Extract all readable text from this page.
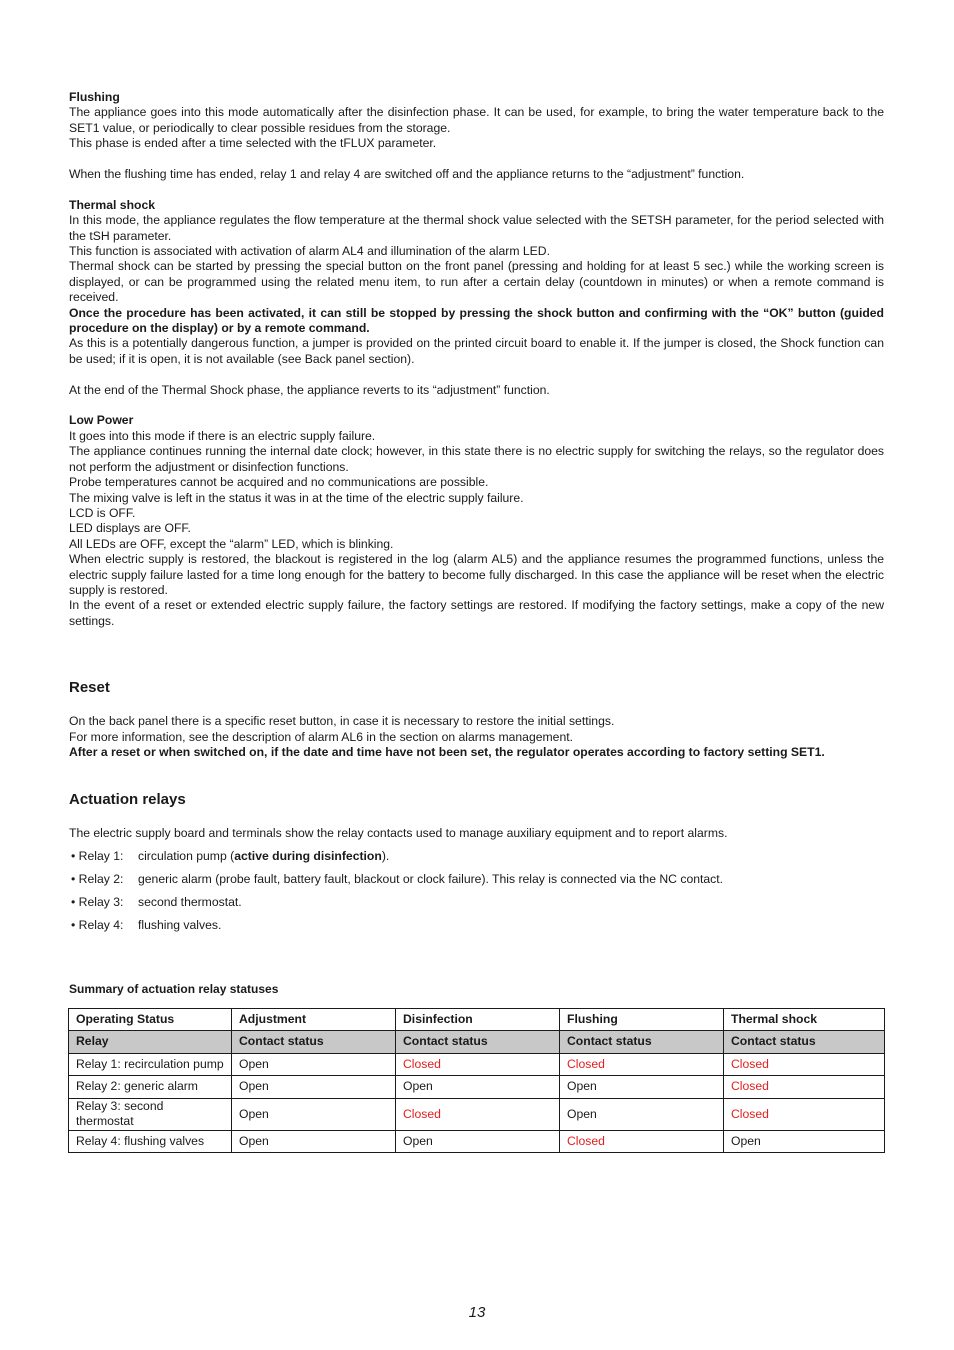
Flushing

The appliance goes into this mode automatically after the disinfection phase. It can be used, for example, to bring the water temperature back to the SET1 value, or periodically to clear possible residues from the storage.

This phase is ended after a time selected with the tFLUX parameter.

When the flushing time has ended, relay 1 and relay 4 are switched off and the appliance returns to the “adjustment” function.

Thermal shock

In this mode, the appliance regulates the flow temperature at the thermal shock value selected with the SETSH parameter, for the period selected with the tSH parameter.

This function is associated with activation of alarm AL4 and illumination of the alarm LED.

Thermal shock can be started by pressing the special button on the front panel (pressing and holding for at least 5 sec.) while the working screen is displayed, or can be programmed using the related menu item, to run after a certain delay (countdown in minutes) or when a remote command is received.

Once the procedure has been activated, it can still be stopped by pressing the shock button and confirming with the “OK” button (guided procedure on the display) or by a remote command.

As this is a potentially dangerous function, a jumper is provided on the printed circuit board to enable it. If the jumper is closed, the Shock function can be used; if it is open, it is not available (see Back panel section).

At the end of the Thermal Shock phase, the appliance reverts to its “adjustment” function.

Low Power

It goes into this mode if there is an electric supply failure.

The appliance continues running the internal date clock; however, in this state there is no electric supply for switching the relays, so the regulator does not perform the adjustment or disinfection functions.

Probe temperatures cannot be acquired and no communications are possible.

The mixing valve is left in the status it was in at the time of the electric supply failure.

LCD is OFF.

LED displays are OFF.

All LEDs are OFF, except the “alarm” LED, which is blinking.

When electric supply is restored, the blackout is registered in the log (alarm AL5) and the appliance resumes the programmed functions, unless the electric supply failure lasted for a time long enough for the battery to become fully discharged. In this case the appliance will be reset when the electric supply is restored.

In the event of a reset or extended electric supply failure, the factory settings are restored. If modifying the factory settings, make a copy of the new settings.

Reset

On the back panel there is a specific reset button, in case it is necessary to restore the initial settings.

For more information, see the description of alarm AL6 in the section on alarms management.

After a reset or when switched on, if the date and time have not been set, the regulator operates according to factory setting SET1.

Actuation relays

The electric supply board and terminals show the relay contacts used to manage auxiliary equipment and to report alarms.

• Relay 1: circulation pump (active during disinfection).
• Relay 2: generic alarm (probe fault, battery fault, blackout or clock failure). This relay is connected via the NC contact.
• Relay 3: second thermostat.
• Relay 4: flushing valves.

Summary of actuation relay statuses

Operating Status	Adjustment	Disinfection	Flushing	Thermal shock
Relay	Contact status	Contact status	Contact status	Contact status
Relay 1: recirculation pump	Open	Closed	Closed	Closed
Relay 2: generic alarm	Open	Open	Open	Closed
Relay 3: second thermostat	Open	Closed	Open	Closed
Relay 4: flushing valves	Open	Open	Closed	Open
13
